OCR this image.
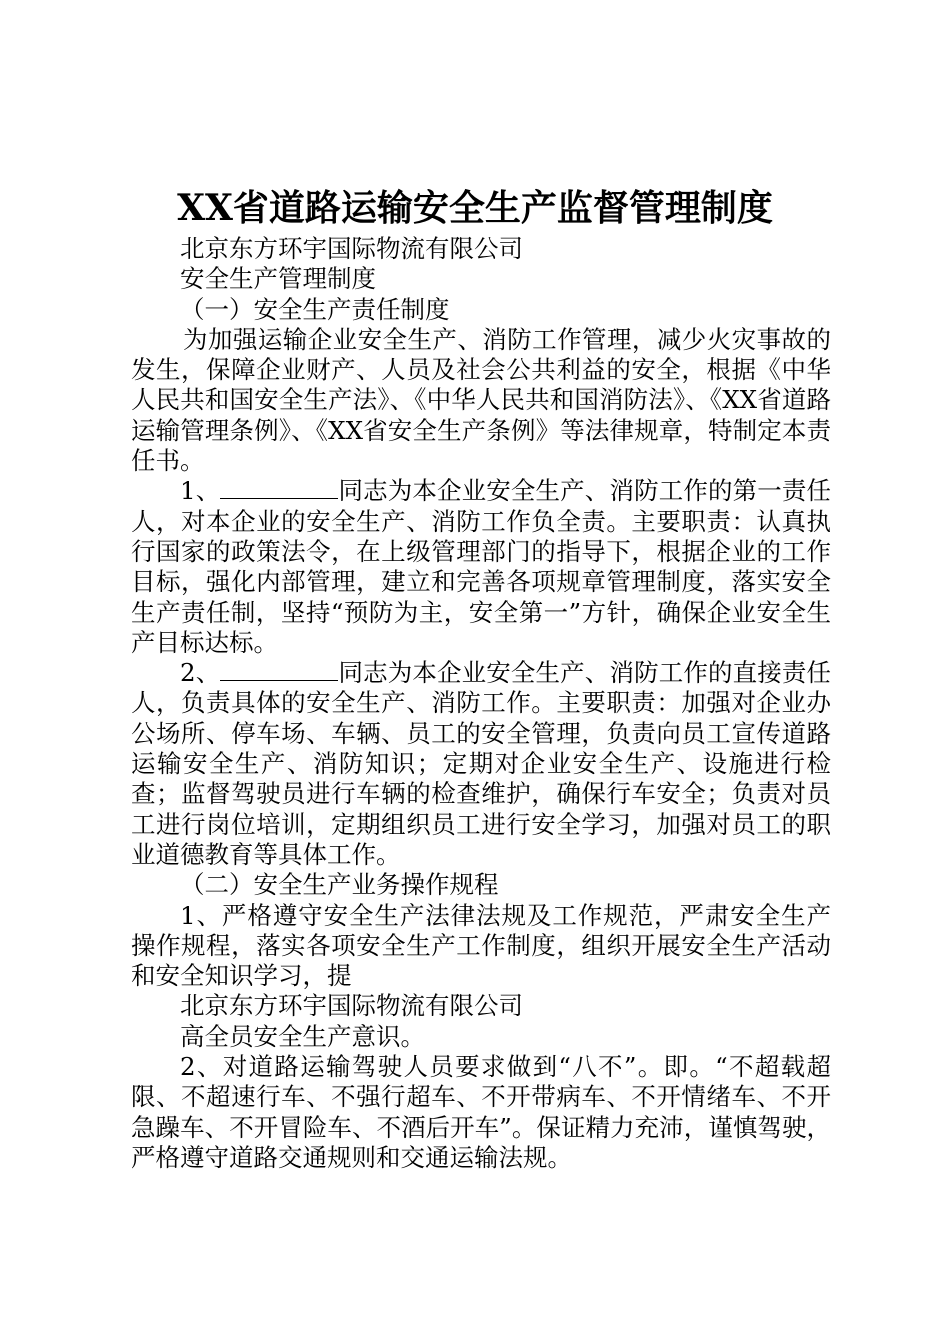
XX省道路运输安全生产监督管理制度

北京东方环宇国际物流有限公司

安全生产管理制度

（一）安全生产责任制度

为加强运输企业安全生产、消防工作管理，减少火灾事故的发生，保障企业财产、人员及社会公共利益的安全，根据《中华人民共和国安全生产法》、《中华人民共和国消防法》、《XX省道路运输管理条例》、《XX省安全生产条例》等法律规章，特制定本责任书。

1、	同志为本企业安全生产、消防工作的第一责任人，对本企业的安全生产、消防工作负全责。主要职责：认真执行国家的政策法令，在上级管理部门的指导下，根据企业的工作目标，强化内部管理，建立和完善各项规章管理制度，落实安全生产责任制，坚持“预防为主，安全第一”方针，确保企业安全生产目标达标。

2、	同志为本企业安全生产、消防工作的直接责任人，负责具体的安全生产、消防工作。主要职责：加强对企业办公场所、停车场、车辆、员工的安全管理，负责向员工宣传道路运输安全生产、消防知识；定期对企业安全生产、设施进行检查；监督驾驶员进行车辆的检查维护，确保行车安全；负责对员工进行岗位培训，定期组织员工进行安全学习，加强对员工的职业道德教育等具体工作。

（二）安全生产业务操作规程

1、严格遵守安全生产法律法规及工作规范，严肃安全生产操作规程，落实各项安全生产工作制度，组织开展安全生产活动和安全知识学习，提

北京东方环宇国际物流有限公司

高全员安全生产意识。

2、对道路运输驾驶人员要求做到“八不”。即。“不超载超限、不超速行车、不强行超车、不开带病车、不开情绪车、不开急躁车、不开冒险车、不酒后开车”。保证精力充沛，谨慎驾驶，严格遵守道路交通规则和交通运输法规。
